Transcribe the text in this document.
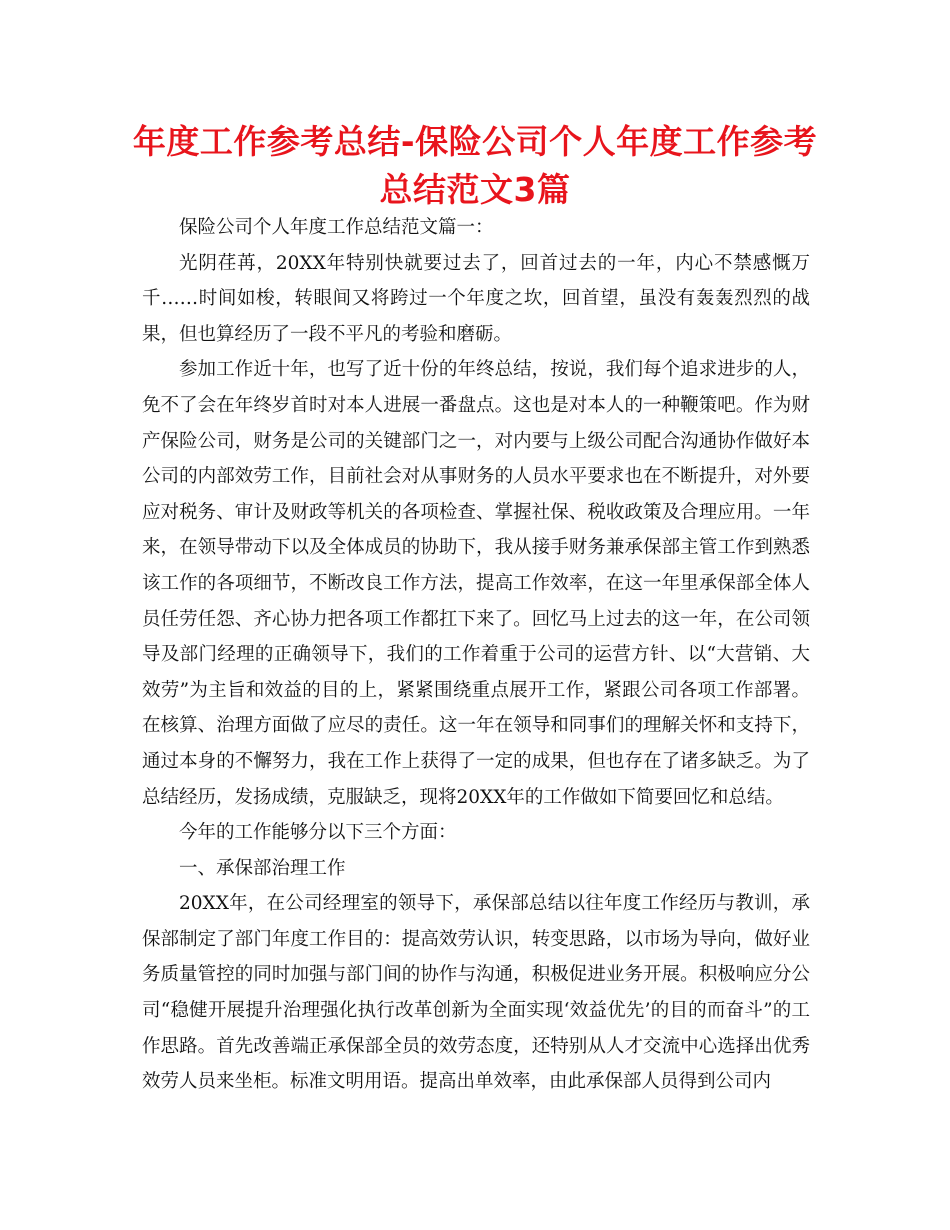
年度工作参考总结-保险公司个人年度工作参考总结范文3篇

保险公司个人年度工作总结范文篇一：

光阴荏苒，20XX年特别快就要过去了，回首过去的一年，内心不禁感慨万千……时间如梭，转眼间又将跨过一个年度之坎，回首望，虽没有轰轰烈烈的战果，但也算经历了一段不平凡的考验和磨砺。

参加工作近十年，也写了近十份的年终总结，按说，我们每个追求进步的人，免不了会在年终岁首时对本人进展一番盘点。这也是对本人的一种鞭策吧。作为财产保险公司，财务是公司的关键部门之一，对内要与上级公司配合沟通协作做好本公司的内部效劳工作，目前社会对从事财务的人员水平要求也在不断提升，对外要应对税务、审计及财政等机关的各项检查、掌握社保、税收政策及合理应用。一年来，在领导带动下以及全体成员的协助下，我从接手财务兼承保部主管工作到熟悉该工作的各项细节，不断改良工作方法，提高工作效率，在这一年里承保部全体人员任劳任怨、齐心协力把各项工作都扛下来了。回忆马上过去的这一年，在公司领导及部门经理的正确领导下，我们的工作着重于公司的运营方针、以“大营销、大效劳”为主旨和效益的目的上，紧紧围绕重点展开工作，紧跟公司各项工作部署。在核算、治理方面做了应尽的责任。这一年在领导和同事们的理解关怀和支持下，通过本身的不懈努力，我在工作上获得了一定的成果，但也存在了诸多缺乏。为了总结经历，发扬成绩，克服缺乏，现将20XX年的工作做如下简要回忆和总结。

今年的工作能够分以下三个方面：

一、承保部治理工作

20XX年，在公司经理室的领导下，承保部总结以往年度工作经历与教训，承保部制定了部门年度工作目的：提高效劳认识，转变思路，以市场为导向，做好业务质量管控的同时加强与部门间的协作与沟通，积极促进业务开展。积极响应分公司“稳健开展提升治理强化执行改革创新为全面实现‘效益优先’的目的而奋斗”的工作思路。首先改善端正承保部全员的效劳态度，还特别从人才交流中心选择出优秀效劳人员来坐柜。标准文明用语。提高出单效率，由此承保部人员得到公司内
